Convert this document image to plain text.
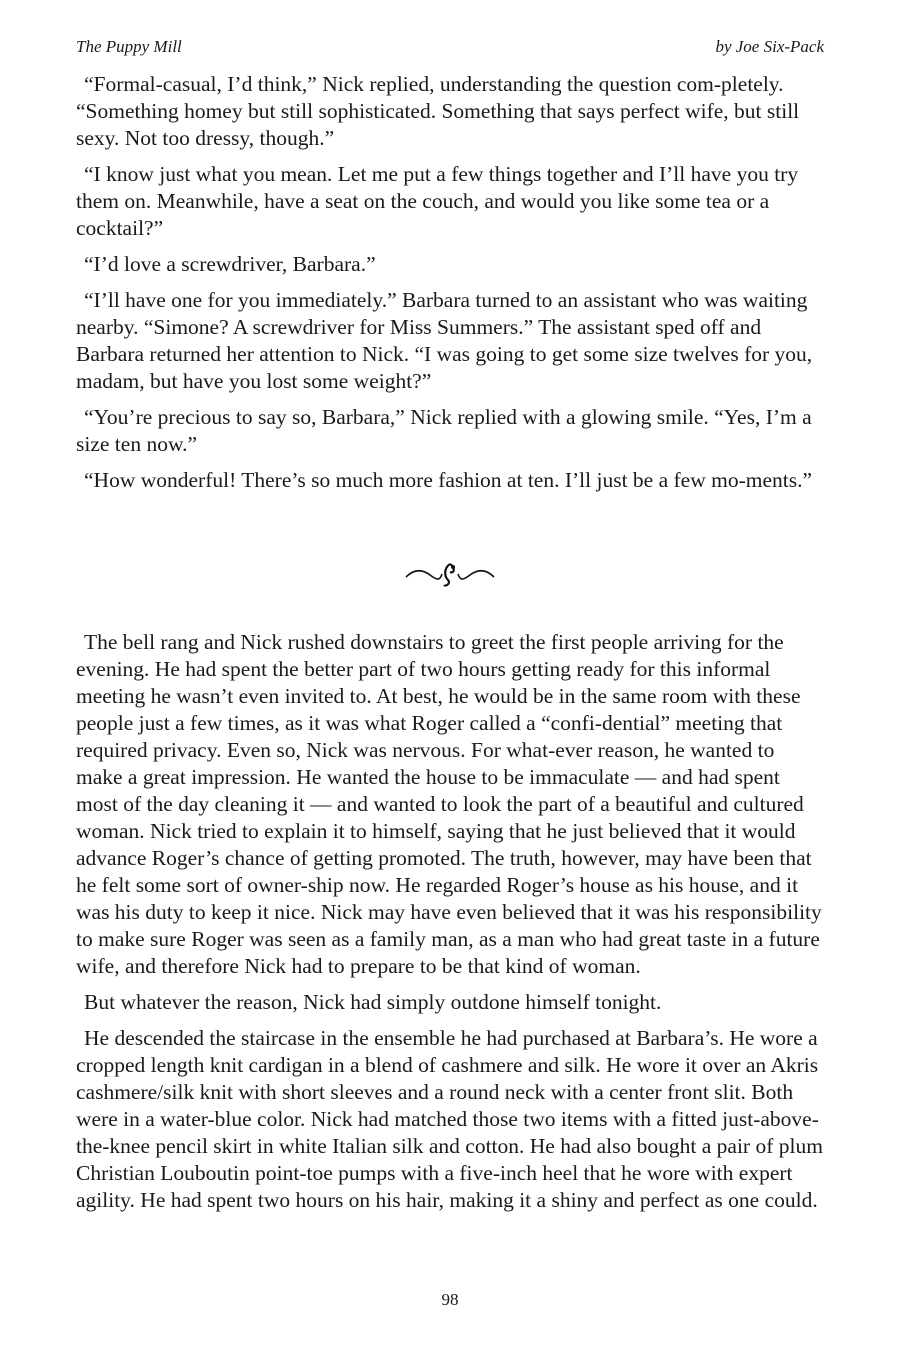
The Puppy Mill	by Joe Six-Pack

“Formal-casual, I’d think,” Nick replied, understanding the question com-pletely. “Something homey but still sophisticated. Something that says perfect wife, but still sexy. Not too dressy, though.”

“I know just what you mean. Let me put a few things together and I’ll have you try them on. Meanwhile, have a seat on the couch, and would you like some tea or a cocktail?”

“I’d love a screwdriver, Barbara.”

“I’ll have one for you immediately.” Barbara turned to an assistant who was waiting nearby. “Simone? A screwdriver for Miss Summers.” The assistant sped off and Barbara returned her attention to Nick. “I was going to get some size twelves for you, madam, but have you lost some weight?”

“You’re precious to say so, Barbara,” Nick replied with a glowing smile. “Yes, I’m a size ten now.”

“How wonderful! There’s so much more fashion at ten. I’ll just be a few mo-ments.”

The bell rang and Nick rushed downstairs to greet the first people arriving for the evening. He had spent the better part of two hours getting ready for this informal meeting he wasn’t even invited to. At best, he would be in the same room with these people just a few times, as it was what Roger called a “confi-dential” meeting that required privacy. Even so, Nick was nervous. For what-ever reason, he wanted to make a great impression. He wanted the house to be immaculate — and had spent most of the day cleaning it — and wanted to look the part of a beautiful and cultured woman. Nick tried to explain it to himself, saying that he just believed that it would advance Roger’s chance of getting promoted. The truth, however, may have been that he felt some sort of owner-ship now. He regarded Roger’s house as his house, and it was his duty to keep it nice. Nick may have even believed that it was his responsibility to make sure Roger was seen as a family man, as a man who had great taste in a future wife, and therefore Nick had to prepare to be that kind of woman.

But whatever the reason, Nick had simply outdone himself tonight.

He descended the staircase in the ensemble he had purchased at Barbara’s. He wore a cropped length knit cardigan in a blend of cashmere and silk. He wore it over an Akris cashmere/silk knit with short sleeves and a round neck with a center front slit. Both were in a water-blue color. Nick had matched those two items with a fitted just-above-the-knee pencil skirt in white Italian silk and cotton. He had also bought a pair of plum Christian Louboutin point-toe pumps with a five-inch heel that he wore with expert agility. He had spent two hours on his hair, making it a shiny and perfect as one could.

98
